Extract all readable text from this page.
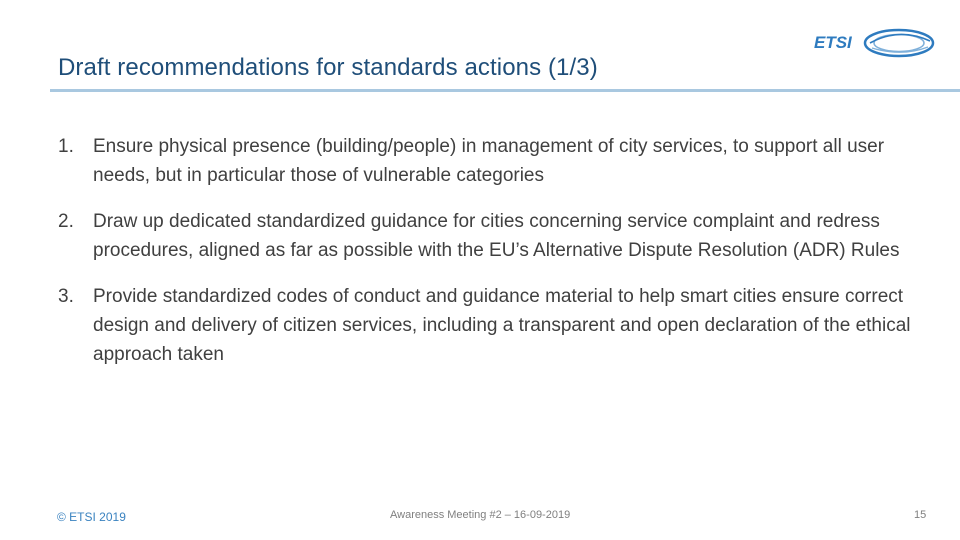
Draft recommendations for standards actions (1/3)
ETSI
1. Ensure physical presence (building/people) in management of city services, to support all user needs, but in particular those of vulnerable categories
2. Draw up dedicated standardized guidance for cities concerning service complaint and redress procedures, aligned as far as possible with the EU’s Alternative Dispute Resolution (ADR) Rules
3. Provide standardized codes of conduct and guidance material to help smart cities ensure correct design and delivery of citizen services, including a transparent and open declaration of the ethical approach taken
© ETSI 2019	Awareness Meeting #2 – 16-09-2019	15
